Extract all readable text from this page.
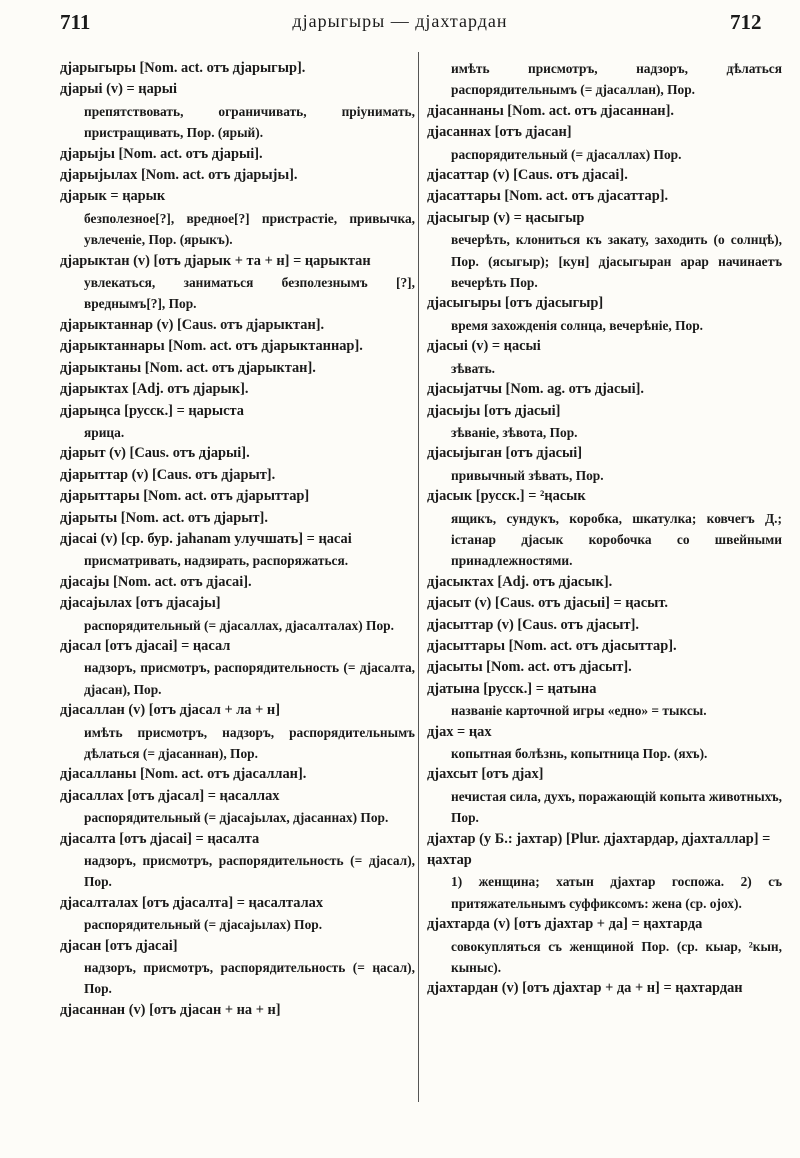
711	дјарыгыры — дјахтардан	712
дјарыгырьı [Nom. act. отъ дјарыгыр].
дјарыі (v) = ңарыі
препятствовать, ограничивать, прiунимать, пристращивать, Пор. (ярый).
дјарыјьı [Nom. act. отъ дјарыі].
дјарыјьıлах [Nom. act. отъ дјарыјьı].
дјарык = ңарык
безполезное[?], вредное[?] пристрастіе, привычка, увлеченіе, Пор. (ярыкъ).
дјарыктан (v) [отъ дјарык + та + н] = ңарыктан
увлекаться, заниматься безполезнымъ [?], вреднымъ[?], Пор.
дјарыктаннар (v) [Caus. отъ дјарыктан].
дјарыктаннарьı [Nom. act. отъ дјарыктаннар].
дјарыктаньı [Nom. act. отъ дјарыктан].
дјарыктах [Adj. отъ дјарык].
дјарыңса [русск.] = ңарыста
ярица.
дјарыт (v) [Caus. отъ дјарыі].
дјарыттар (v) [Caus. отъ дјарыт].
дјарыттарьı [Nom. act. отъ дјарыттар]
дјарытьı [Nom. act. отъ дјарыт].
дјасаі (v) [ср. бур. jahanam улучшать] = ңасаі
присматривать, надзирать, распоряжаться.
дјасајьı [Nom. act. отъ дјасаі].
дјасајьıлах [отъ дјасајьı]
распорядительный (= дјасаллах, дјасалталах) Пор.
дјасал [отъ дјасаі] = ңасал
надзоръ, присмотръ, распорядительность (= дјасалта, дјасан), Пор.
дјасаллан (v) [отъ дјасал + ла + н]
имѣть присмотръ, надзоръ, распорядительнымъ дѣлаться (= дјасаннан), Пор.
дјасалланьı [Nom. act. отъ дјасаллан].
дјасаллах [отъ дјасал] = ңасаллах
распорядительный (= дјасајьıлах, дјасаннах) Пор.
дјасалта [отъ дјасаі] = ңасалта
надзоръ, присмотръ, распорядительность (= дјасал), Пор.
дјасалталах [отъ дјасалта] = ңасалталах
распорядительный (= дјасајьıлах) Пор.
дјасан [отъ дјасаі]
надзоръ, присмотръ, распорядительность (= ңасал), Пор.
дјасаннан (v) [отъ дјасан + на + н]
имѣть присмотръ, надзоръ, дѣлаться распорядительнымъ (= дјасаллан), Пор.
дјасаннаньı [Nom. act. отъ дјасаннан].
дјасаннах [отъ дјасан]
распорядительный (= дјасаллах) Пор.
дјасаттар (v) [Caus. отъ дјасаі].
дјасаттарьı [Nom. act. отъ дјасаттар].
дјасыгыр (v) = ңасыгыр
вечерѣть, клониться къ закату, заходить (о солнцѣ), Пор. (ясыгыр); [кун] дјасыгыран арар начинаетъ вечерѣть Пор.
дјасыгырьı [отъ дјасыгыр]
время захожденія солнца, вечерѣніе, Пор.
дјасыі (v) = ңасыі
зѣвать.
дјасыјатчы [Nom. ag. отъ дјасыі].
дјасыјьı [отъ дјасыі]
зѣваніе, зѣвота, Пор.
дјасыјыган [отъ дјасыі]
привычный зѣвать, Пор.
дјасык [русск.] = ²ңасык
ящикъ, сундукъ, коробка, шкатулка; ковчегъ Д.; істанар дјасык коробочка со швейными принадлежностями.
дјасыктах [Adj. отъ дјасык].
дјасыт (v) [Caus. отъ дјасыі] = ңасыт.
дјасыттар (v) [Caus. отъ дјасыт].
дјасыттарьı [Nom. act. отъ дјасыттар].
дјасытьı [Nom. act. отъ дјасыт].
дјатына [русск.] = ңатына
названіе карточной игры «едно» = тыксы.
дјах = ңах
копытная болѣзнь, копытница Пор. (яхъ).
дјахсыт [отъ дјах]
нечистая сила, духъ, поражающій копыта животныхъ, Пор.
дјахтар (у Б.: jахтар) [Plur. дјахтардар, дјахталлар] = ңахтар
1) женщина; хатын дјахтар госпожа. 2) съ притяжательнымъ суффиксомъ: жена (ср. ојох).
дјахтарда (v) [отъ дјахтар + да] = ңахтарда
совокупляться съ женщиной Пор. (ср. кыар, ²кын, кыныс).
дјахтардан (v) [отъ дјахтар + да + н] = ңахтардан
